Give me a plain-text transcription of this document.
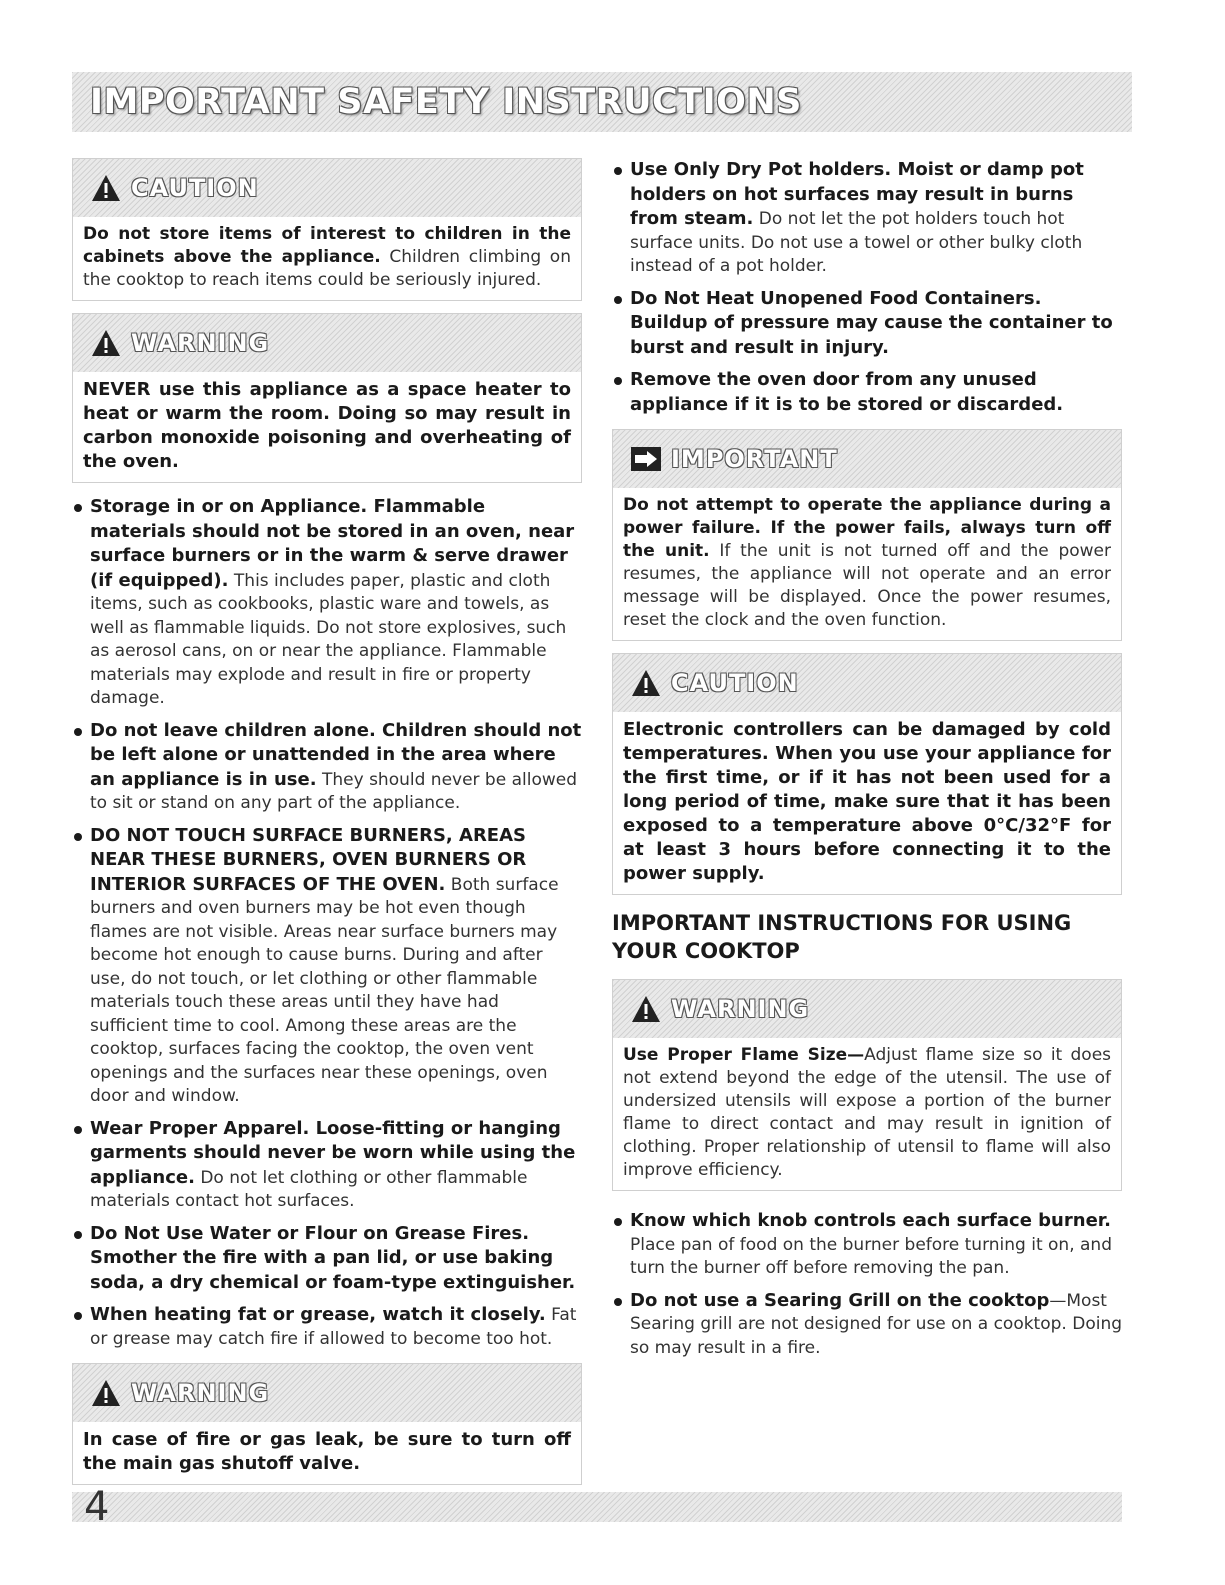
IMPORTANT SAFETY INSTRUCTIONS
CAUTION
Do not store items of interest to children in the cabinets above the appliance. Children climbing on the cooktop to reach items could be seriously injured.
WARNING
NEVER use this appliance as a space heater to heat or warm the room. Doing so may result in carbon monoxide poisoning and overheating of the oven.
Storage in or on Appliance. Flammable materials should not be stored in an oven, near surface burners or in the warm & serve drawer (if equipped). This includes paper, plastic and cloth items, such as cookbooks, plastic ware and towels, as well as flammable liquids. Do not store explosives, such as aerosol cans, on or near the appliance. Flammable materials may explode and result in fire or property damage.
Do not leave children alone. Children should not be left alone or unattended in the area where an appliance is in use. They should never be allowed to sit or stand on any part of the appliance.
DO NOT TOUCH SURFACE BURNERS, AREAS NEAR THESE BURNERS, OVEN BURNERS OR INTERIOR SURFACES OF THE OVEN. Both surface burners and oven burners may be hot even though flames are not visible. Areas near surface burners may become hot enough to cause burns. During and after use, do not touch, or let clothing or other flammable materials touch these areas until they have had sufficient time to cool. Among these areas are the cooktop, surfaces facing the cooktop, the oven vent openings and the surfaces near these openings, oven door and window.
Wear Proper Apparel. Loose-fitting or hanging garments should never be worn while using the appliance. Do not let clothing or other flammable materials contact hot surfaces.
Do Not Use Water or Flour on Grease Fires. Smother the fire with a pan lid, or use baking soda, a dry chemical or foam-type extinguisher.
When heating fat or grease, watch it closely. Fat or grease may catch fire if allowed to become too hot.
WARNING
In case of fire or gas leak, be sure to turn off the main gas shutoff valve.
Use Only Dry Pot holders. Moist or damp pot holders on hot surfaces may result in burns from steam. Do not let the pot holders touch hot surface units. Do not use a towel or other bulky cloth instead of a pot holder.
Do Not Heat Unopened Food Containers. Buildup of pressure may cause the container to burst and result in injury.
Remove the oven door from any unused appliance if it is to be stored or discarded.
IMPORTANT
Do not attempt to operate the appliance during a power failure. If the power fails, always turn off the unit. If the unit is not turned off and the power resumes, the appliance will not operate and an error message will be displayed. Once the power resumes, reset the clock and the oven function.
CAUTION
Electronic controllers can be damaged by cold temperatures. When you use your appliance for the first time, or if it has not been used for a long period of time, make sure that it has been exposed to a temperature above 0°C/32°F for at least 3 hours before connecting it to the power supply.
IMPORTANT INSTRUCTIONS FOR USING YOUR COOKTOP
WARNING
Use Proper Flame Size—Adjust flame size so it does not extend beyond the edge of the utensil. The use of undersized utensils will expose a portion of the burner flame to direct contact and may result in ignition of clothing. Proper relationship of utensil to flame will also improve efficiency.
Know which knob controls each surface burner. Place pan of food on the burner before turning it on, and turn the burner off before removing the pan.
Do not use a Searing Grill on the cooktop—Most Searing grill are not designed for use on a cooktop. Doing so may result in a fire.
4
